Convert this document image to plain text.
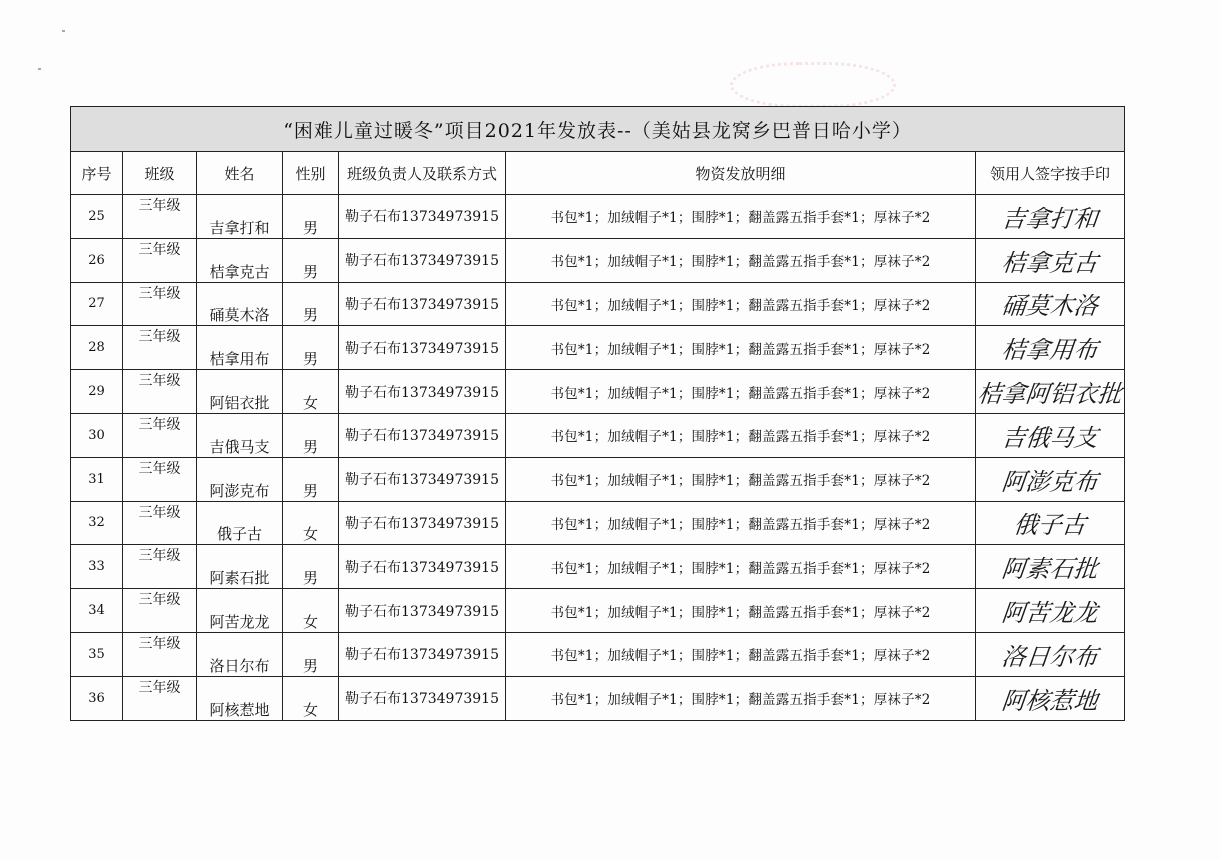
“困难儿童过暖冬”项目2021年发放表--（美姑县龙窝乡巴普日哈小学）						
序号	班级	姓名	性别	班级负责人及联系方式	物资发放明细	领用人签字按手印
25	三年级	吉拿打和	男	勒子石布13734973915	书包*1；加绒帽子*1；围脖*1；翻盖露五指手套*1；厚袜子*2	吉拿打和
26	三年级	桔拿克古	男	勒子石布13734973915	书包*1；加绒帽子*1；围脖*1；翻盖露五指手套*1；厚袜子*2	桔拿克古
27	三年级	硧莫木洛	男	勒子石布13734973915	书包*1；加绒帽子*1；围脖*1；翻盖露五指手套*1；厚袜子*2	硧莫木洛
28	三年级	桔拿用布	男	勒子石布13734973915	书包*1；加绒帽子*1；围脖*1；翻盖露五指手套*1；厚袜子*2	桔拿用布
29	三年级	阿铝衣批	女	勒子石布13734973915	书包*1；加绒帽子*1；围脖*1；翻盖露五指手套*1；厚袜子*2	桔拿阿铝衣批
30	三年级	吉俄马支	男	勒子石布13734973915	书包*1；加绒帽子*1；围脖*1；翻盖露五指手套*1；厚袜子*2	吉俄马支
31	三年级	阿澎克布	男	勒子石布13734973915	书包*1；加绒帽子*1；围脖*1；翻盖露五指手套*1；厚袜子*2	阿澎克布
32	三年级	俄子古	女	勒子石布13734973915	书包*1；加绒帽子*1；围脖*1；翻盖露五指手套*1；厚袜子*2	俄子古
33	三年级	阿素石批	男	勒子石布13734973915	书包*1；加绒帽子*1；围脖*1；翻盖露五指手套*1；厚袜子*2	阿素石批
34	三年级	阿苦龙龙	女	勒子石布13734973915	书包*1；加绒帽子*1；围脖*1；翻盖露五指手套*1；厚袜子*2	阿苦龙龙
35	三年级	洛日尔布	男	勒子石布13734973915	书包*1；加绒帽子*1；围脖*1；翻盖露五指手套*1；厚袜子*2	洛日尔布
36	三年级	阿核惹地	女	勒子石布13734973915	书包*1；加绒帽子*1；围脖*1；翻盖露五指手套*1；厚袜子*2	阿核惹地
